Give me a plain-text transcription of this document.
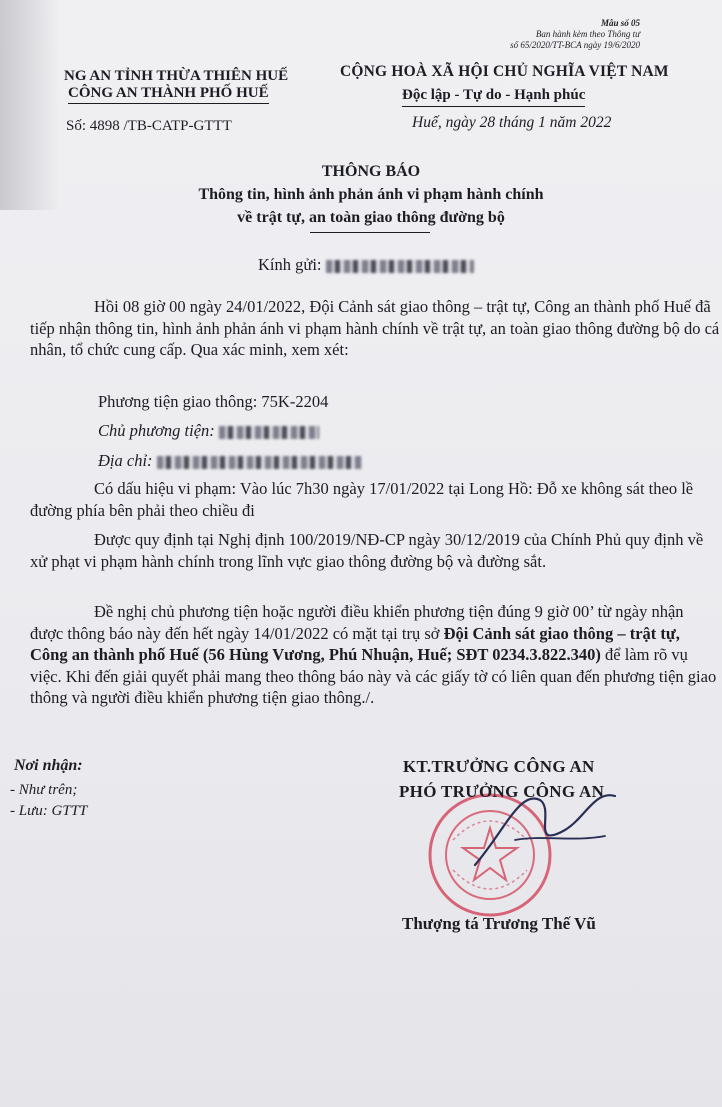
Mẫu số 05
Ban hành kèm theo Thông tư
số 65/2020/TT-BCA ngày 19/6/2020
NG AN TỈNH THỪA THIÊN HUẾ
CÔNG AN THÀNH PHỐ HUẾ
CỘNG HOÀ XÃ HỘI CHỦ NGHĨA VIỆT NAM
Độc lập - Tự do - Hạnh phúc
Số: 4898 /TB-CATP-GTTT	Huế, ngày 28 tháng 1 năm 2022
THÔNG BÁO
Thông tin, hình ảnh phản ánh vi phạm hành chính
về trật tự, an toàn giao thông đường bộ
Kính gửi:
Hồi 08 giờ 00 ngày 24/01/2022, Đội Cảnh sát giao thông – trật tự, Công an thành phố Huế đã tiếp nhận thông tin, hình ảnh phản ánh vi phạm hành chính về trật tự, an toàn giao thông đường bộ do cá nhân, tổ chức cung cấp. Qua xác minh, xem xét:
Phương tiện giao thông: 75K-2204
Chủ phương tiện:
Địa chỉ:
Có dấu hiệu vi phạm: Vào lúc 7h30 ngày 17/01/2022 tại Long Hồ: Đỗ xe không sát theo lề đường phía bên phải theo chiều đi
Được quy định tại Nghị định 100/2019/NĐ-CP ngày 30/12/2019 của Chính Phủ quy định về xử phạt vi phạm hành chính trong lĩnh vực giao thông đường bộ và đường sắt.
Đề nghị chủ phương tiện hoặc người điều khiển phương tiện đúng 9 giờ 00’ từ ngày nhận được thông báo này đến hết ngày 14/01/2022 có mặt tại trụ sở Đội Cảnh sát giao thông – trật tự, Công an thành phố Huế (56 Hùng Vương, Phú Nhuận, Huế; SĐT 0234.3.822.340) để làm rõ vụ việc. Khi đến giải quyết phải mang theo thông báo này và các giấy tờ có liên quan đến phương tiện giao thông và người điều khiển phương tiện giao thông./.
Nơi nhận:
- Như trên;
- Lưu: GTTT
KT.TRƯỞNG CÔNG AN
PHÓ TRƯỞNG CÔNG AN
Thượng tá Trương Thế Vũ
